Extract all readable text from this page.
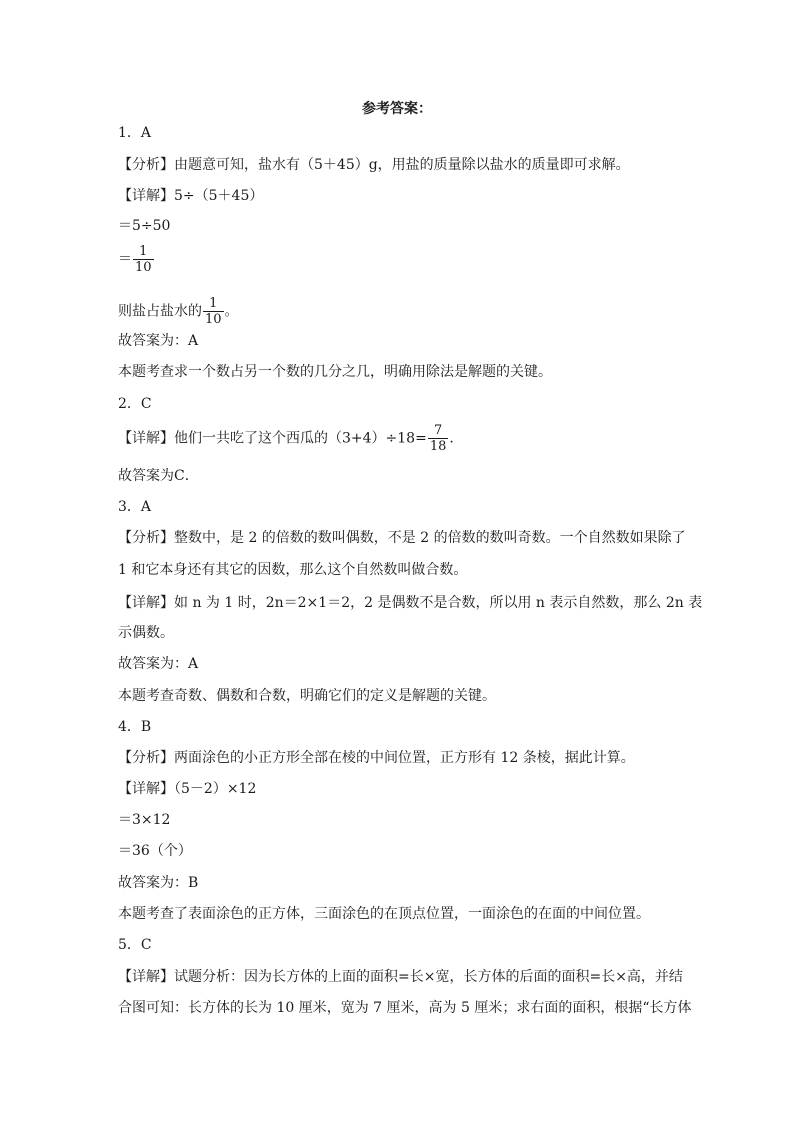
参考答案：
1．A
【分析】由题意可知，盐水有（5＋45）g，用盐的质量除以盐水的质量即可求解。
【详解】5÷（5＋45）
＝5÷50
＝ $\frac{1}{10}$
则盐占盐水的 $\frac{1}{10}$ 。
故答案为：A
本题考查求一个数占另一个数的几分之几，明确用除法是解题的关键。
2．C
【详解】他们一共吃了这个西瓜的$(3+4)\div 18= \frac{7}{18}$ ．
故答案为C．
3．A
【分析】整数中，是 2 的倍数的数叫偶数，不是 2 的倍数的数叫奇数。一个自然数如果除了
1 和它本身还有其它的因数，那么这个自然数叫做合数。
【详解】如 n 为 1 时，2n＝2×1＝2，2 是偶数不是合数，所以用 n 表示自然数，那么 2n 表
示偶数。
故答案为：A
本题考查奇数、偶数和合数，明确它们的定义是解题的关键。
4．B
【分析】两面涂色的小正方形全部在棱的中间位置，正方形有 12 条棱，据此计算。
【详解】（5－2）×12
＝3×12
＝36（个）
故答案为：B
本题考查了表面涂色的正方体，三面涂色的在顶点位置，一面涂色的在面的中间位置。
5．C
【详解】试题分析：因为长方体的上面的面积=长×宽，长方体的后面的面积=长×高，并结
合图可知：长方体的长为 10 厘米，宽为 7 厘米，高为 5 厘米；求右面的面积，根据“长方体
